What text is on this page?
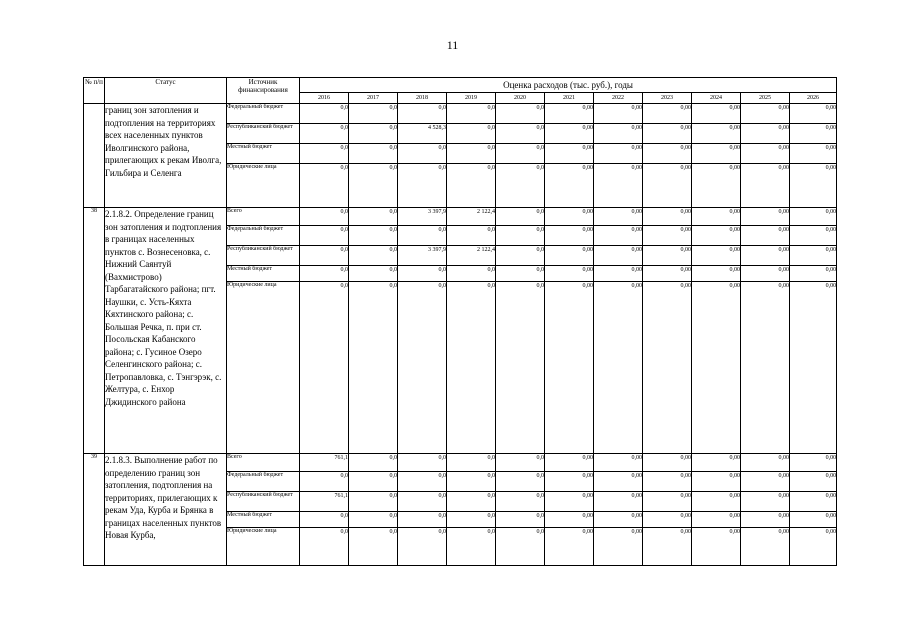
11
№ п/п	Статус	Источник финансирования	Оценка расходов (тыс. руб.), годы										
			2016	2017	2018	2019	2020	2021	2022	2023	2024	2025	2026

	границ зон затопления и подтопления на территориях всех населенных пунктов Иволгинского района, прилегающих к рекам Иволга, Гильбира и Селенга	Федеральный бюджет	0,0	0,0	0,0	0,0	0,0	0,00	0,00	0,00	0,00	0,00	0,00
		Республиканский бюджет	0,0	0,0	4 528,3	0,0	0,0	0,00	0,00	0,00	0,00	0,00	0,00
		Местный бюджет	0,0	0,0	0,0	0,0	0,0	0,00	0,00	0,00	0,00	0,00	0,00
		Юридические лица	0,0	0,0	0,0	0,0	0,0	0,00	0,00	0,00	0,00	0,00	0,00
38	2.1.8.2. Определение границ зон затопления и подтопления в границах населенных пунктов с. Вознесеновка, с. Нижний Саянтуй (Вахмистрово) Тарбагатайского района; пгт. Наушки, с. Усть-Кяхта Кяхтинского района; с. Большая Речка, п. при ст. Посольская Кабанского района; с. Гусиное Озеро Селенгинского района; с. Петропавловка, с. Тэнгэрэк, с. Желтура, с. Енхор Джидинского района	Всего	0,0	0,0	3 397,9	2 122,4	0,0	0,00	0,00	0,00	0,00	0,00	0,00
		Федеральный бюджет	0,0	0,0	0,0	0,0	0,0	0,00	0,00	0,00	0,00	0,00	0,00
		Республиканский бюджет	0,0	0,0	3 397,9	2 122,4	0,0	0,00	0,00	0,00	0,00	0,00	0,00
		Местный бюджет	0,0	0,0	0,0	0,0	0,0	0,00	0,00	0,00	0,00	0,00	0,00
		Юридические лица	0,0	0,0	0,0	0,0	0,0	0,00	0,00	0,00	0,00	0,00	0,00
39	2.1.8.3. Выполнение работ по определению границ зон затопления, подтопления на территориях, прилегающих к рекам Уда, Курба и Брянка в границах населенных пунктов Новая Курба,	Всего	761,1	0,0	0,0	0,0	0,0	0,00	0,00	0,00	0,00	0,00	0,00
		Федеральный бюджет	0,0	0,0	0,0	0,0	0,0	0,00	0,00	0,00	0,00	0,00	0,00
		Республиканский бюджет	761,1	0,0	0,0	0,0	0,0	0,00	0,00	0,00	0,00	0,00	0,00
		Местный бюджет	0,0	0,0	0,0	0,0	0,0	0,00	0,00	0,00	0,00	0,00	0,00
		Юридические лица	0,0	0,0	0,0	0,0	0,0	0,00	0,00	0,00	0,00	0,00	0,00
